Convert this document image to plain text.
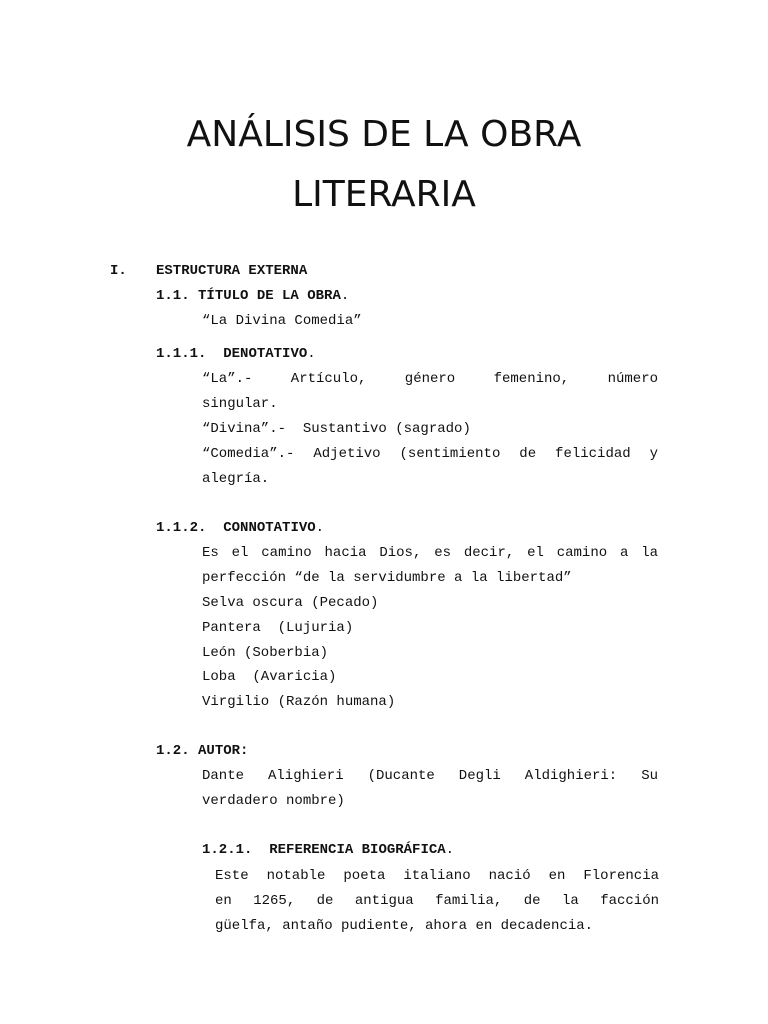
ANÁLISIS DE LA OBRA
LITERARIA
I. ESTRUCTURA EXTERNA
1.1. TÍTULO DE LA OBRA.
“La Divina Comedia”
1.1.1. DENOTATIVO.
“La”.- Artículo, género femenino, número
singular.
“Divina”.-  Sustantivo (sagrado)
“Comedia”.- Adjetivo (sentimiento de felicidad y
alegría.
1.1.2. CONNOTATIVO.
Es el camino hacia Dios, es decir, el camino a la
perfección “de la servidumbre a la libertad”
Selva oscura (Pecado)
Pantera  (Lujuria)
León (Soberbia)
Loba  (Avaricia)
Virgilio (Razón humana)
1.2. AUTOR:
Dante Alighieri (Ducante Degli Aldighieri: Su
verdadero nombre)
1.2.1. REFERENCIA BIOGRÁFICA.
Este notable poeta italiano nació en Florencia
en 1265, de antigua familia, de la facción
güelfa, antaño pudiente, ahora en decadencia.
